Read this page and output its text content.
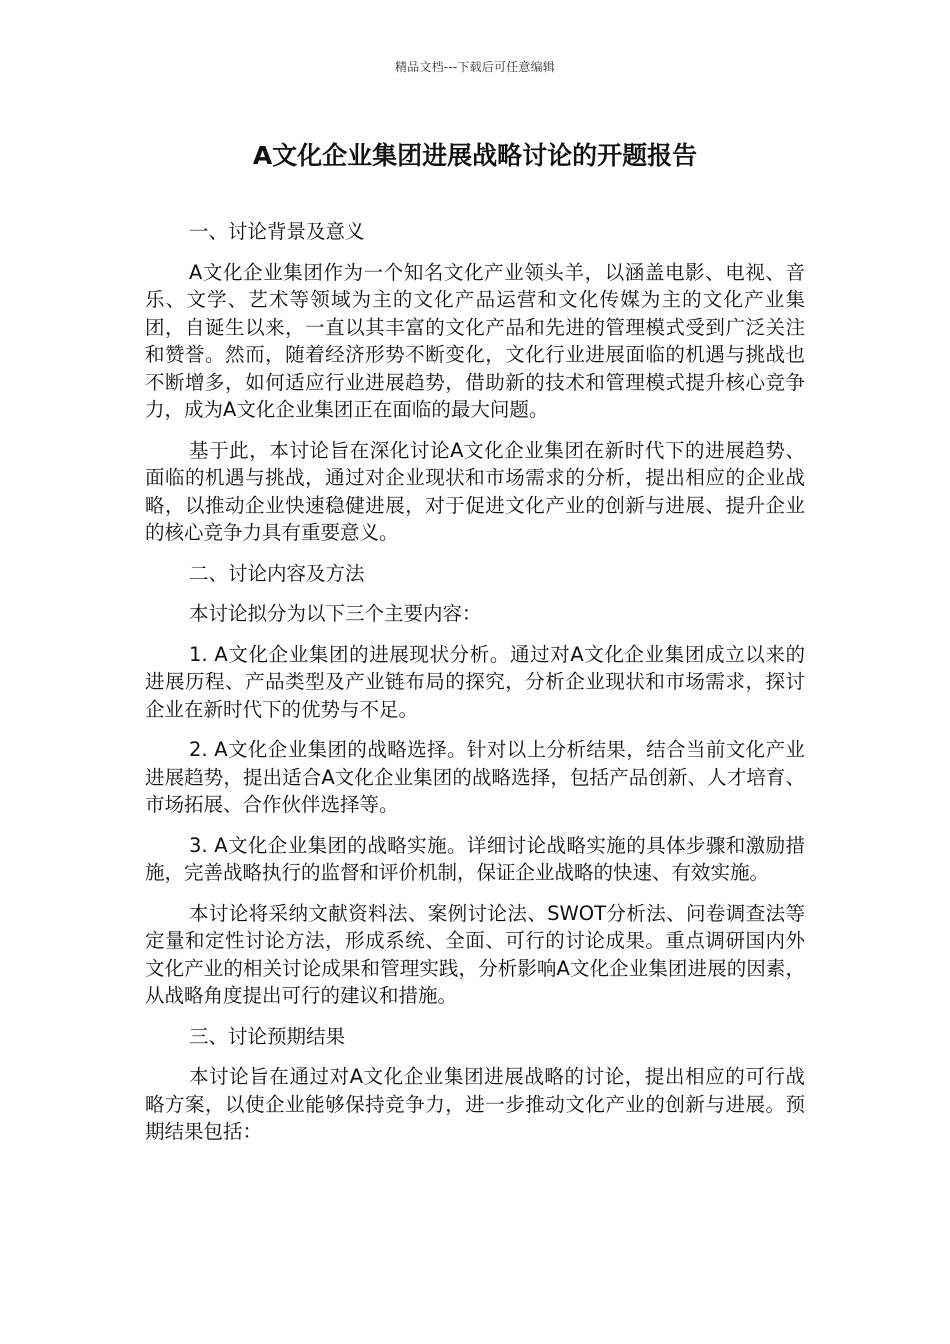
精品文档---下载后可任意编辑
A文化企业集团进展战略讨论的开题报告

一、讨论背景及意义

A文化企业集团作为一个知名文化产业领头羊，以涵盖电影、电视、音乐、文学、艺术等领域为主的文化产品运营和文化传媒为主的文化产业集团，自诞生以来，一直以其丰富的文化产品和先进的管理模式受到广泛关注和赞誉。然而，随着经济形势不断变化，文化行业进展面临的机遇与挑战也不断增多，如何适应行业进展趋势，借助新的技术和管理模式提升核心竞争力，成为A文化企业集团正在面临的最大问题。

基于此，本讨论旨在深化讨论A文化企业集团在新时代下的进展趋势、面临的机遇与挑战，通过对企业现状和市场需求的分析，提出相应的企业战略，以推动企业快速稳健进展，对于促进文化产业的创新与进展、提升企业的核心竞争力具有重要意义。

二、讨论内容及方法

本讨论拟分为以下三个主要内容：

1. A文化企业集团的进展现状分析。通过对A文化企业集团成立以来的进展历程、产品类型及产业链布局的探究，分析企业现状和市场需求，探讨企业在新时代下的优势与不足。

2. A文化企业集团的战略选择。针对以上分析结果，结合当前文化产业进展趋势，提出适合A文化企业集团的战略选择，包括产品创新、人才培育、市场拓展、合作伙伴选择等。

3. A文化企业集团的战略实施。详细讨论战略实施的具体步骤和激励措施，完善战略执行的监督和评价机制，保证企业战略的快速、有效实施。

本讨论将采纳文献资料法、案例讨论法、SWOT分析法、问卷调查法等定量和定性讨论方法，形成系统、全面、可行的讨论成果。重点调研国内外文化产业的相关讨论成果和管理实践，分析影响A文化企业集团进展的因素，从战略角度提出可行的建议和措施。

三、讨论预期结果

本讨论旨在通过对A文化企业集团进展战略的讨论，提出相应的可行战略方案，以使企业能够保持竞争力，进一步推动文化产业的创新与进展。预期结果包括：
